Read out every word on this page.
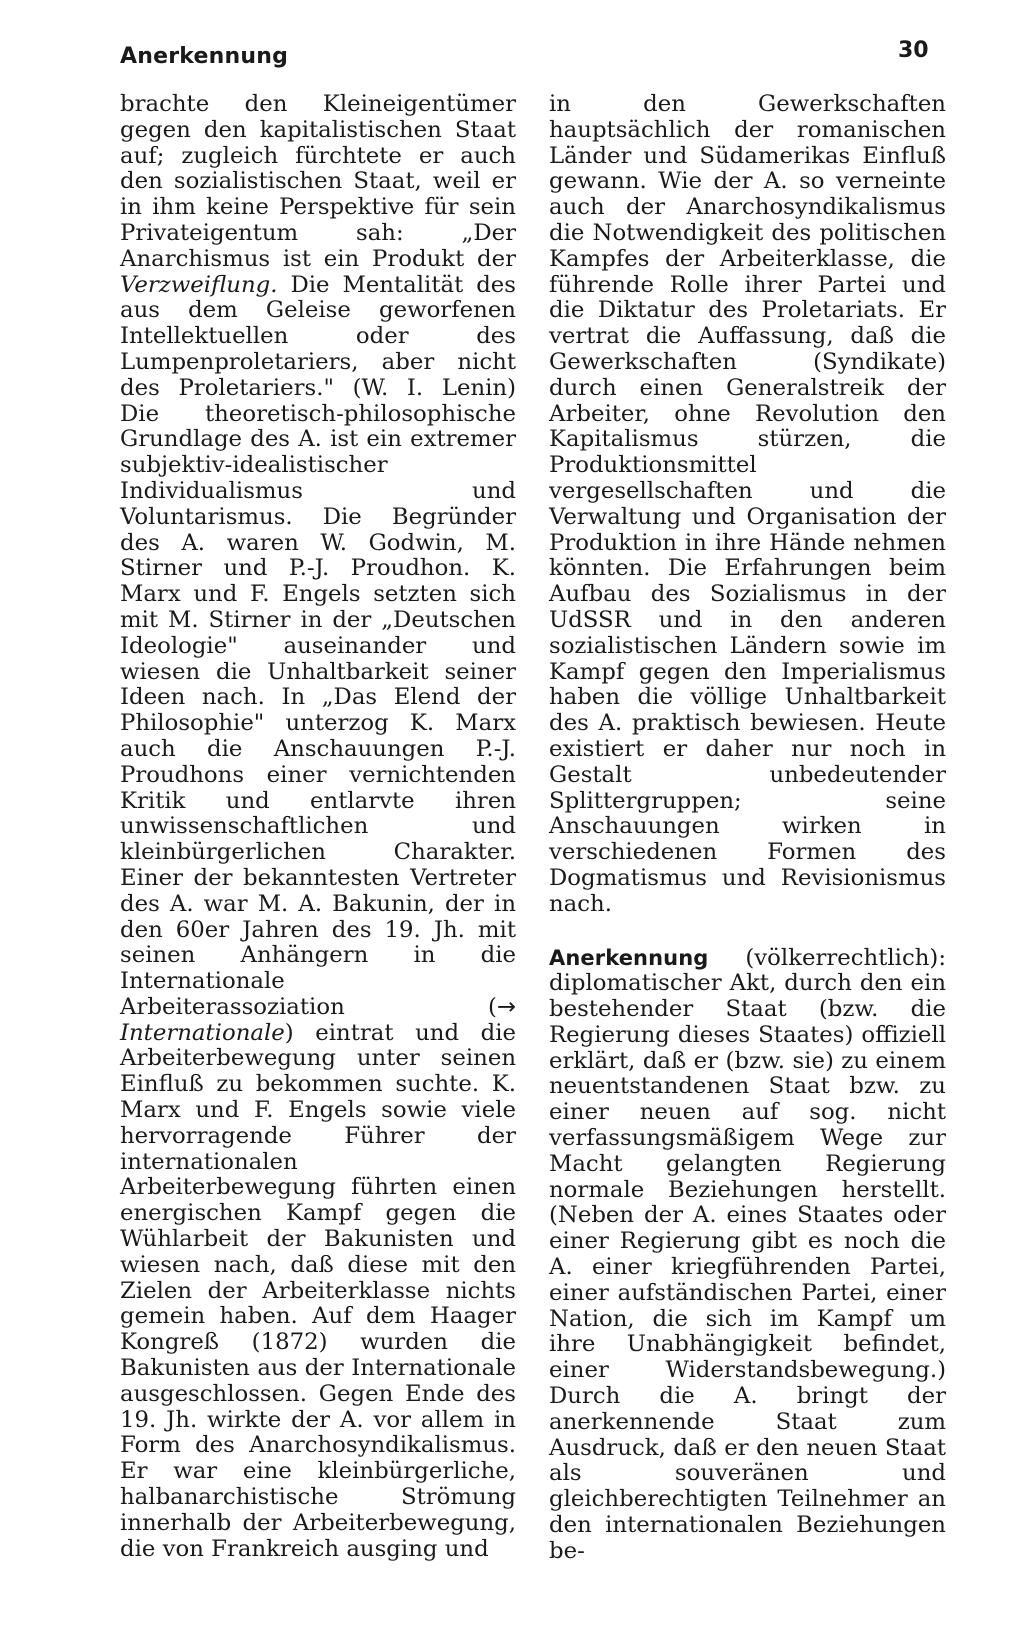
Anerkennung	30

brachte den Kleineigentümer gegen den kapitalistischen Staat auf; zugleich fürchtete er auch den sozialistischen Staat, weil er in ihm keine Perspektive für sein Privateigentum sah: „Der Anarchismus ist ein Produkt der Verzweiflung. Die Mentalität des aus dem Geleise geworfenen Intellektuellen oder des Lumpenproletariers, aber nicht des Proletariers." (W. I. Lenin) Die theoretisch-philosophische Grundlage des A. ist ein extremer subjektiv-idealistischer Individualismus und Voluntarismus. Die Begründer des A. waren W. Godwin, M. Stirner und P.-J. Proudhon. K. Marx und F. Engels setzten sich mit M. Stirner in der „Deutschen Ideologie" auseinander und wiesen die Unhaltbarkeit seiner Ideen nach. In „Das Elend der Philosophie" unterzog K. Marx auch die Anschauungen P.-J. Proudhons einer vernichtenden Kritik und entlarvte ihren unwissenschaftlichen und kleinbürgerlichen Charakter. Einer der bekanntesten Vertreter des A. war M. A. Bakunin, der in den 60er Jahren des 19. Jh. mit seinen Anhängern in die Internationale Arbeiterassoziation (→ Internationale) eintrat und die Arbeiterbewegung unter seinen Einfluß zu bekommen suchte. K. Marx und F. Engels sowie viele hervorragende Führer der internationalen Arbeiterbewegung führten einen energischen Kampf gegen die Wühlarbeit der Bakunisten und wiesen nach, daß diese mit den Zielen der Arbeiterklasse nichts gemein haben. Auf dem Haager Kongreß (1872) wurden die Bakunisten aus der Internationale ausgeschlossen. Gegen Ende des 19. Jh. wirkte der A. vor allem in Form des Anarchosyndikalismus. Er war eine kleinbürgerliche, halbanarchistische Strömung innerhalb der Arbeiterbewegung, die von Frankreich ausging und

in den Gewerkschaften hauptsächlich der romanischen Länder und Südamerikas Einfluß gewann. Wie der A. so verneinte auch der Anarchosyndikalismus die Notwendigkeit des politischen Kampfes der Arbeiterklasse, die führende Rolle ihrer Partei und die Diktatur des Proletariats. Er vertrat die Auffassung, daß die Gewerkschaften (Syndikate) durch einen Generalstreik der Arbeiter, ohne Revolution den Kapitalismus stürzen, die Produktionsmittel vergesellschaften und die Verwaltung und Organisation der Produktion in ihre Hände nehmen könnten. Die Erfahrungen beim Aufbau des Sozialismus in der UdSSR und in den anderen sozialistischen Ländern sowie im Kampf gegen den Imperialismus haben die völlige Unhaltbarkeit des A. praktisch bewiesen. Heute existiert er daher nur noch in Gestalt unbedeutender Splittergruppen; seine Anschauungen wirken in verschiedenen Formen des Dogmatismus und Revisionismus nach.

Anerkennung (völkerrechtlich): diplomatischer Akt, durch den ein bestehender Staat (bzw. die Regierung dieses Staates) offiziell erklärt, daß er (bzw. sie) zu einem neuentstandenen Staat bzw. zu einer neuen auf sog. nicht verfassungsmäßigem Wege zur Macht gelangten Regierung normale Beziehungen herstellt. (Neben der A. eines Staates oder einer Regierung gibt es noch die A. einer kriegführenden Partei, einer aufständischen Partei, einer Nation, die sich im Kampf um ihre Unabhängigkeit befindet, einer Widerstandsbewegung.) Durch die A. bringt der anerkennende Staat zum Ausdruck, daß er den neuen Staat als souveränen und gleichberechtigten Teilnehmer an den internationalen Beziehungen be-
